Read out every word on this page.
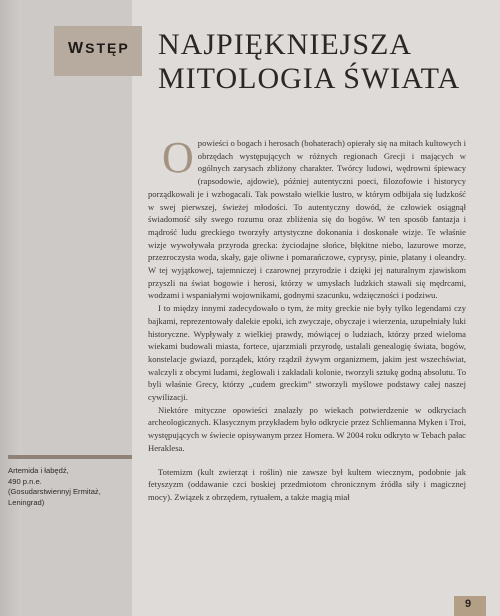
WSTĘP NAJPIĘKNIEJSZA
MITOLOGIA ŚWIATA

Opowieści o bogach i herosach (bohaterach) opierały się na mitach kultowych i obrzędach występujących w różnych regionach Grecji i mających w ogólnych zarysach zbliżony charakter. Twórcy ludowi, wędrowni śpiewacy (rapsodowie, ajdowie), później autentyczni poeci, filozofowie i historycy porządkowali je i wzbogacali. Tak powstało wielkie lustro, w którym odbijała się ludzkość w swej pierwszej, świeżej młodości. To autentyczny dowód, że człowiek osiągnął świadomość siły swego rozumu oraz zbliżenia się do bogów. W ten sposób fantazja i mądrość ludu greckiego tworzyły artystyczne dokonania i doskonałe wizje. Te właśnie wizje wywoływała przyroda grecka: życiodajne słońce, błękitne niebo, lazurowe morze, przezroczysta woda, skały, gaje oliwne i pomarańczowe, cyprysy, pinie, platany i oleandry. W tej wyjątkowej, tajemniczej i czarownej przyrodzie i dzięki jej naturalnym zjawiskom przyszli na świat bogowie i herosi, którzy w umysłach ludzkich stawali się mędrcami, wodzami i wspaniałymi wojownikami, godnymi szacunku, wdzięczności i podziwu.

I to między innymi zadecydowało o tym, że mity greckie nie były tylko legendami czy bajkami, reprezentowały dalekie epoki, ich zwyczaje, obyczaje i wierzenia, uzupełniały luki historyczne. Wypływały z wielkiej prawdy, mówiącej o ludziach, którzy przed wieloma wiekami budowali miasta, fortece, ujarzmiali przyrodę, ustalali genealogię świata, bogów, konstelacje gwiazd, porządek, który rządził żywym organizmem, jakim jest wszechświat, walczyli z obcymi ludami, żeglowali i zakładali kolonie, tworzyli sztukę godną absolutu. To byli właśnie Grecy, którzy „cudem greckim” stworzyli myślowe podstawy całej naszej cywilizacji.

Niektóre mityczne opowieści znalazły po wiekach potwierdzenie w odkryciach archeologicznych. Klasycznym przykładem było odkrycie przez Schliemanna Myken i Troi, występujących w świecie opisywanym przez Homera. W 2004 roku odkryto w Tebach pałac Heraklesa.

Totemizm (kult zwierząt i roślin) nie zawsze był kultem wiecznym, podobnie jak fetyszyzm (oddawanie czci boskiej przedmiotom chronicznym źródła siły i magicznej mocy). Związek z obrzędem, rytuałem, a także magią miał

Artemida i łabędź,
490 p.n.e.
(Gosudarstwiennyj Ermitaż,
Leningrad)
9
